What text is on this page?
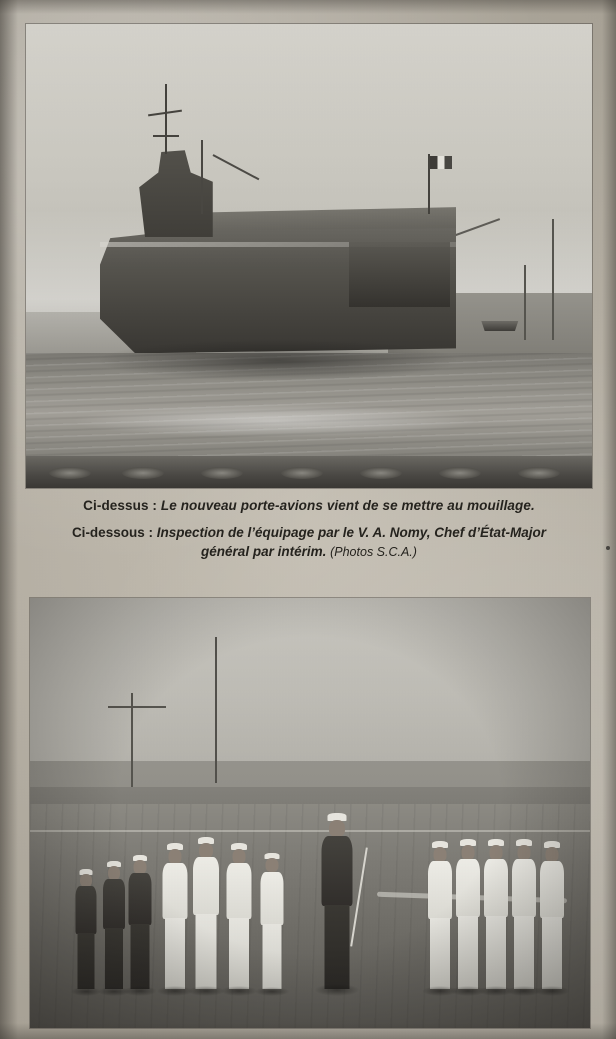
Ci-dessus : Le nouveau porte-avions vient de se mettre au mouillage.
Ci-dessous : Inspection de l’équipage par le V. A. Nomy, Chef d’État-Major
général par intérim. (Photos S.C.A.)
